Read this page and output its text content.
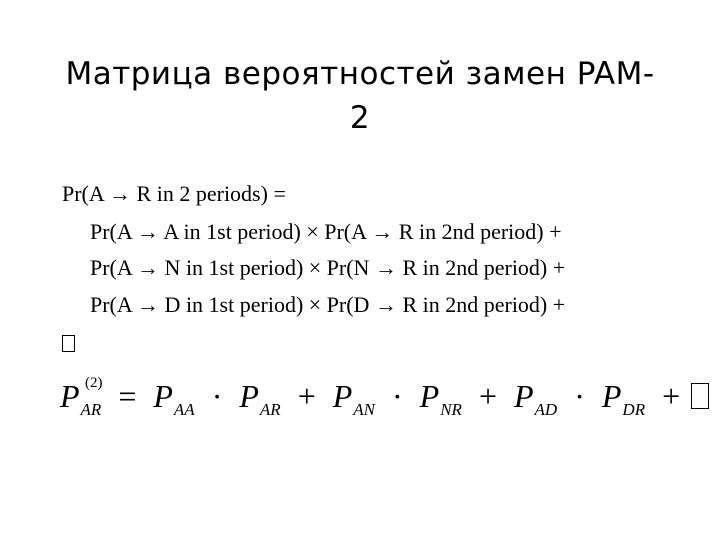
Матрица вероятностей замен PAM-
2
Pr(A → R in 2 periods) =
Pr(A → A in 1st period) × Pr(A → R in 2nd period) +
Pr(A → N in 1st period) × Pr(N → R in 2nd period) +
Pr(A → D in 1st period) × Pr(D → R in 2nd period) +
P (2)
$_{AR} = P_{AA} \cdot P_{AR} + P_{AN} \cdot P_{NR} + P_{AD} \cdot P_{DR}$ +
